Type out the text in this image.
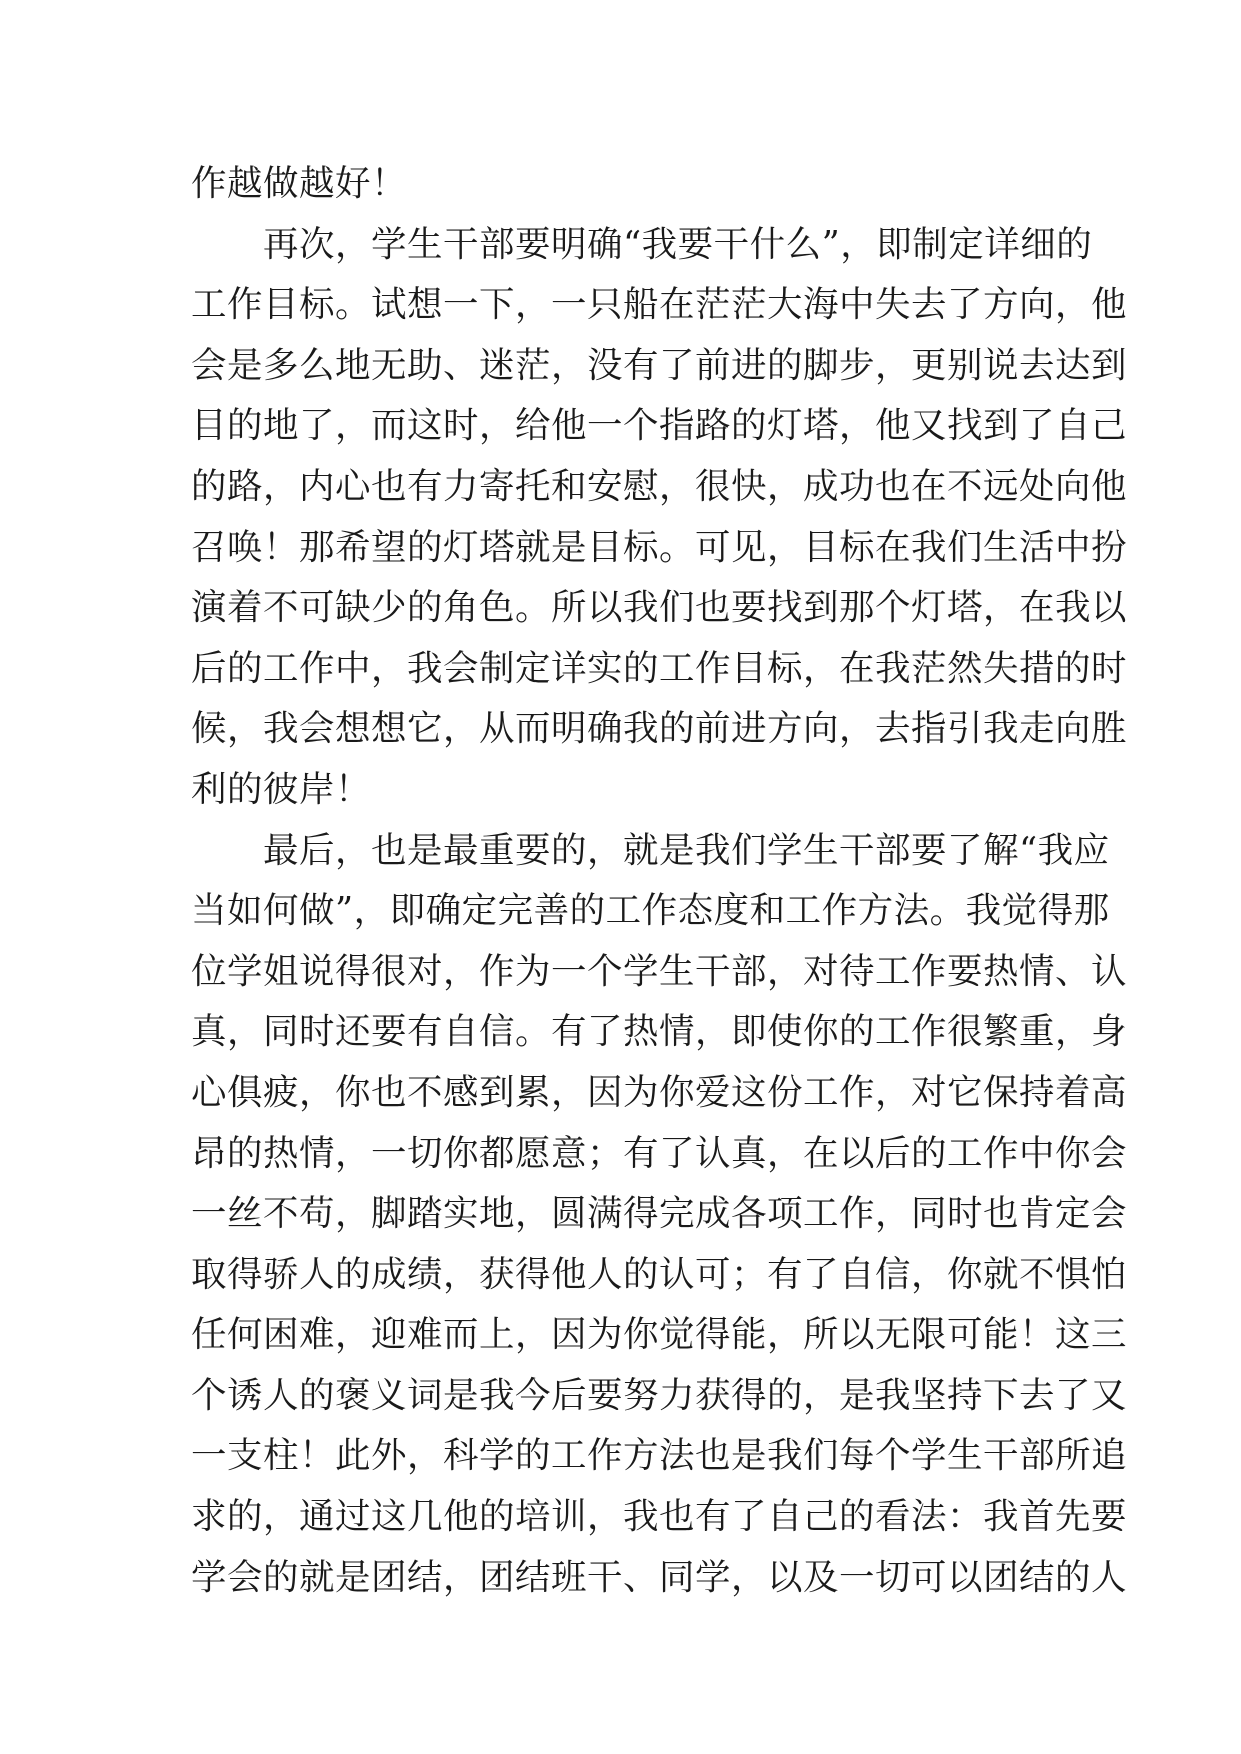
作越做越好！
再次，学生干部要明确“我要干什么”，即制定详细的
工作目标。试想一下，一只船在茫茫大海中失去了方向，他
会是多么地无助、迷茫，没有了前进的脚步，更别说去达到
目的地了，而这时，给他一个指路的灯塔，他又找到了自己
的路，内心也有力寄托和安慰，很快，成功也在不远处向他
召唤！那希望的灯塔就是目标。可见，目标在我们生活中扮
演着不可缺少的角色。所以我们也要找到那个灯塔，在我以
后的工作中，我会制定详实的工作目标，在我茫然失措的时
候，我会想想它，从而明确我的前进方向，去指引我走向胜
利的彼岸！
最后，也是最重要的，就是我们学生干部要了解“我应
当如何做”，即确定完善的工作态度和工作方法。我觉得那
位学姐说得很对，作为一个学生干部，对待工作要热情、认
真，同时还要有自信。有了热情，即使你的工作很繁重，身
心俱疲，你也不感到累，因为你爱这份工作，对它保持着高
昂的热情，一切你都愿意；有了认真，在以后的工作中你会
一丝不苟，脚踏实地，圆满得完成各项工作，同时也肯定会
取得骄人的成绩，获得他人的认可；有了自信，你就不惧怕
任何困难，迎难而上，因为你觉得能，所以无限可能！这三
个诱人的褒义词是我今后要努力获得的，是我坚持下去了又
一支柱！此外，科学的工作方法也是我们每个学生干部所追
求的，通过这几他的培训，我也有了自己的看法：我首先要
学会的就是团结，团结班干、同学，以及一切可以团结的人
